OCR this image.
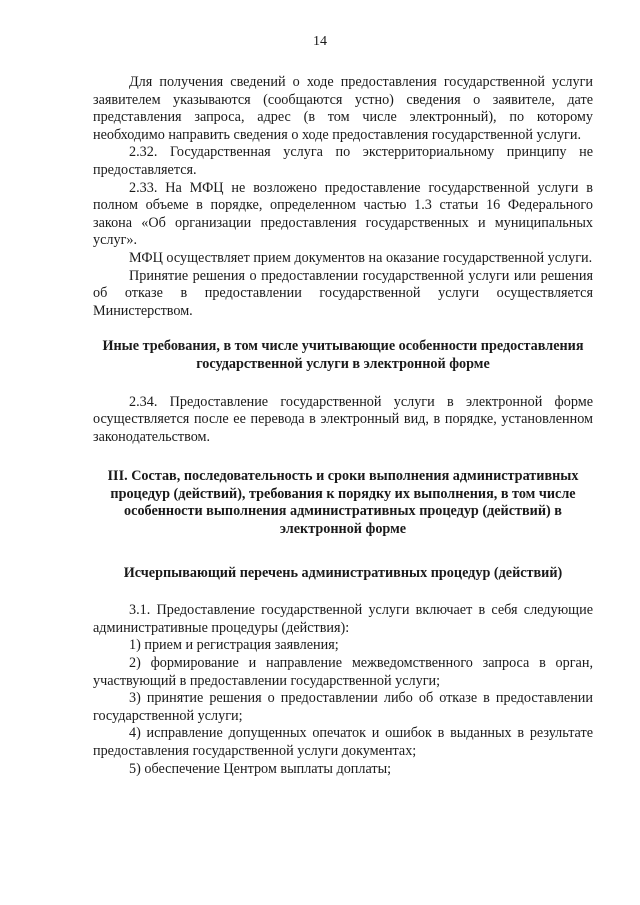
14

Для получения сведений о ходе предоставления государственной услуги заявителем указываются (сообщаются устно) сведения о заявителе, дате представления запроса, адрес (в том числе электронный), по которому необходимо направить сведения о ходе предоставления государственной услуги.

2.32. Государственная услуга по экстерриториальному принципу не предоставляется.

2.33. На МФЦ не возложено предоставление государственной услуги в полном объеме в порядке, определенном частью 1.3 статьи 16 Федерального закона «Об организации предоставления государственных и муниципальных услуг».

МФЦ осуществляет прием документов на оказание государственной услуги.

Принятие решения о предоставлении государственной услуги или решения об отказе в предоставлении государственной услуги осуществляется Министерством.

Иные требования, в том числе учитывающие особенности предоставления государственной услуги в электронной форме

2.34. Предоставление государственной услуги в электронной форме осуществляется после ее перевода в электронный вид, в порядке, установленном законодательством.

III. Состав, последовательность и сроки выполнения административных процедур (действий), требования к порядку их выполнения, в том числе особенности выполнения административных процедур (действий) в электронной форме

Исчерпывающий перечень административных процедур (действий)

3.1. Предоставление государственной услуги включает в себя следующие административные процедуры (действия):

1) прием и регистрация заявления;

2) формирование и направление межведомственного запроса в орган, участвующий в предоставлении государственной услуги;

3) принятие решения о предоставлении либо об отказе в предоставлении государственной услуги;

4) исправление допущенных опечаток и ошибок в выданных в результате предоставления государственной услуги документах;

5) обеспечение Центром выплаты доплаты;
